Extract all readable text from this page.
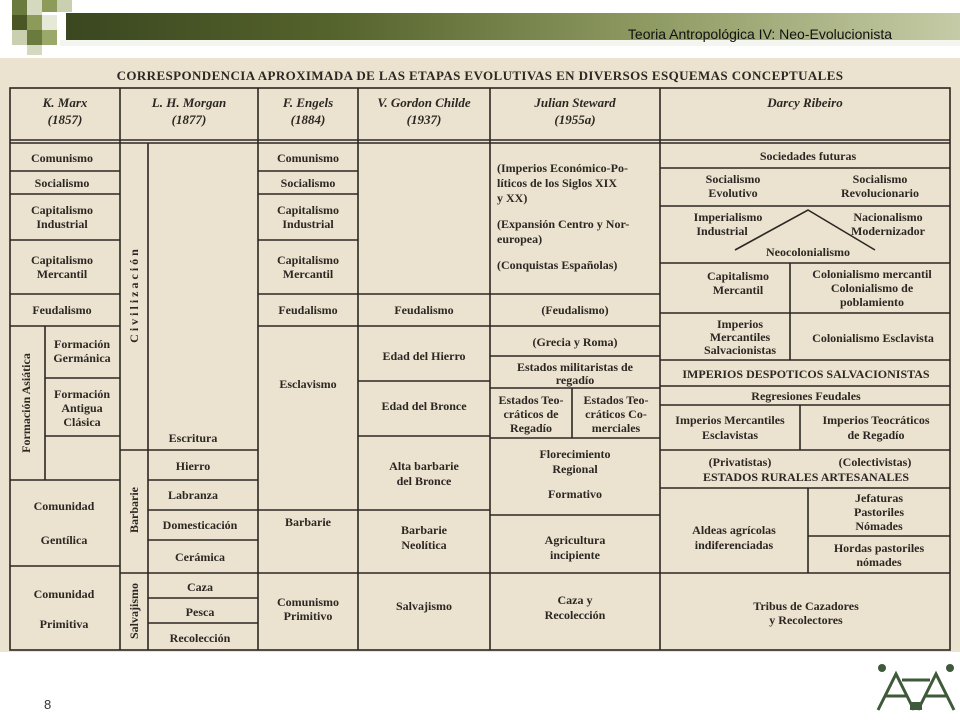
Teoria Antropológica IV: Neo-Evolucionista
CORRESPONDENCIA APROXIMADA DE LAS ETAPAS EVOLUTIVAS EN DIVERSOS ESQUEMAS CONCEPTUALES
K. Marx
(1857)
L. H. Morgan
(1877)
F. Engels
(1884)
V. Gordon Childe
(1937)
Julian Steward
(1955a)
Darcy Ribeiro
Comunismo
Socialismo
Capitalismo
Industrial
Capitalismo
Mercantil
Feudalismo
Formación
Germánica
Formación
Antigua
Clásica
Comunidad
Gentílica
Comunidad
Primitiva
Formación Asiática
C i v i l i z a c i ó n
Barbarie
Salvajismo
Escritura
Hierro
Labranza
Domesticación
Cerámica
Caza
Pesca
Recolección
Comunismo
Socialismo
Capitalismo
Industrial
Capitalismo
Mercantil
Feudalismo
Esclavismo
Barbarie
Comunismo
Primitivo
Feudalismo
Edad del Hierro
Edad del Bronce
Alta barbarie
del Bronce
Barbarie
Neolítica
Salvajismo
(Imperios Económico-Po-
líticos de los Siglos XIX
y XX)
(Expansión Centro y Nor-
europea)
(Conquistas Españolas)
(Feudalismo)
(Grecia y Roma)
Estados militaristas de
regadío
Estados Teo-
cráticos de
Regadío
Estados Teo-
cráticos Co-
merciales
Florecimiento
Regional
Formativo
Agricultura
incipiente
Caza y
Recolección
Sociedades futuras
Socialismo
Evolutivo
Socialismo
Revolucionario
Imperialismo
Industrial
Nacionalismo
Modernizador
Neocolonialismo
Capitalismo
Mercantil
Colonialismo mercantil
Colonialismo de
poblamiento
Imperios
Mercantiles
Salvacionistas
Colonialismo Esclavista
IMPERIOS DESPOTICOS SALVACIONISTAS
Regresiones Feudales
Imperios Mercantiles
Esclavistas
Imperios Teocráticos
de Regadío
(Privatistas)	(Colectivistas)
ESTADOS RURALES ARTESANALES
Aldeas agrícolas
indiferenciadas
Jefaturas
Pastoriles
Nómades
Hordas pastoriles
nómades
Tribus de Cazadores
y Recolectores
8
